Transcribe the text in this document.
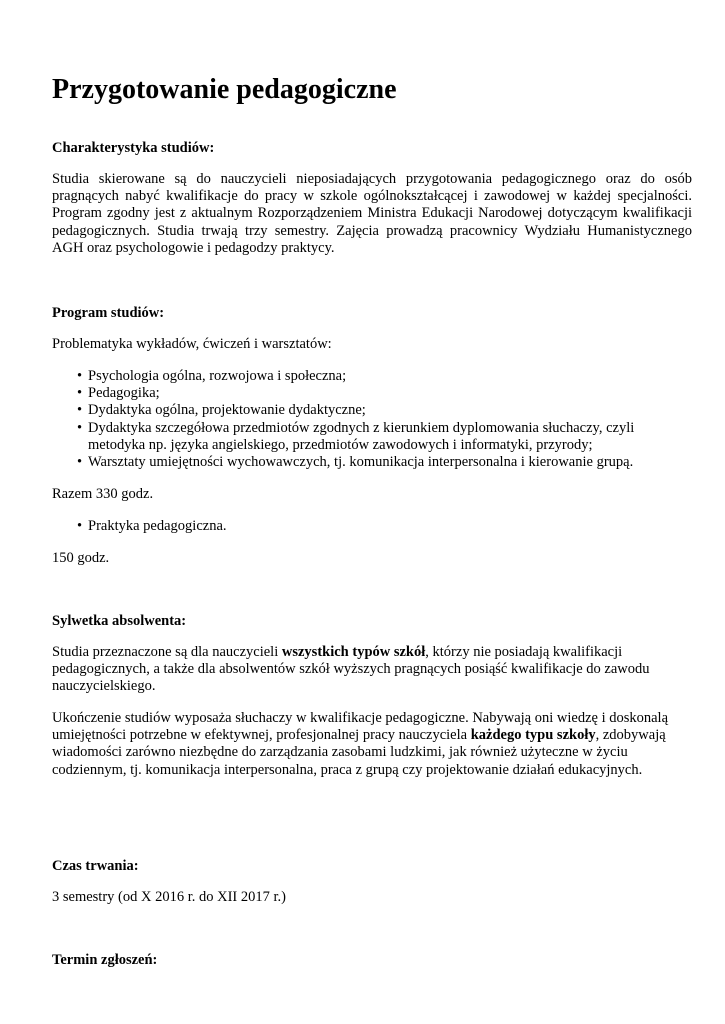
Przygotowanie pedagogiczne

Charakterystyka studiów:

Studia skierowane są do nauczycieli nieposiadających przygotowania pedagogicznego oraz do osób pragnących nabyć kwalifikacje do pracy w szkole ogólnokształcącej i zawodowej w każdej specjalności. Program zgodny jest z aktualnym Rozporządzeniem Ministra Edukacji Narodowej dotyczącym kwalifikacji pedagogicznych. Studia trwają trzy semestry. Zajęcia prowadzą pracownicy Wydziału Humanistycznego AGH oraz psychologowie i pedagodzy praktycy.

Program studiów:

Problematyka wykładów, ćwiczeń i warsztatów:

• Psychologia ogólna, rozwojowa i społeczna;
• Pedagogika;
• Dydaktyka ogólna, projektowanie dydaktyczne;
• Dydaktyka szczegółowa przedmiotów zgodnych z kierunkiem dyplomowania słuchaczy, czyli metodyka np. języka angielskiego, przedmiotów zawodowych i informatyki, przyrody;
• Warsztaty umiejętności wychowawczych, tj. komunikacja interpersonalna i kierowanie grupą.

Razem 330 godz.

• Praktyka pedagogiczna.

150 godz.

Sylwetka absolwenta:

Studia przeznaczone są dla nauczycieli wszystkich typów szkół, którzy nie posiadają kwalifikacji pedagogicznych, a także dla absolwentów szkół wyższych pragnących posiąść kwalifikacje do zawodu nauczycielskiego.

Ukończenie studiów wyposaża słuchaczy w kwalifikacje pedagogiczne. Nabywają oni wiedzę i doskonalą umiejętności potrzebne w efektywnej, profesjonalnej pracy nauczyciela każdego typu szkoły, zdobywają wiadomości zarówno niezbędne do zarządzania zasobami ludzkimi, jak również użyteczne w życiu codziennym, tj. komunikacja interpersonalna, praca z grupą czy projektowanie działań edukacyjnych.

Czas trwania:

3 semestry (od X 2016 r. do XII 2017 r.)

Termin zgłoszeń:
